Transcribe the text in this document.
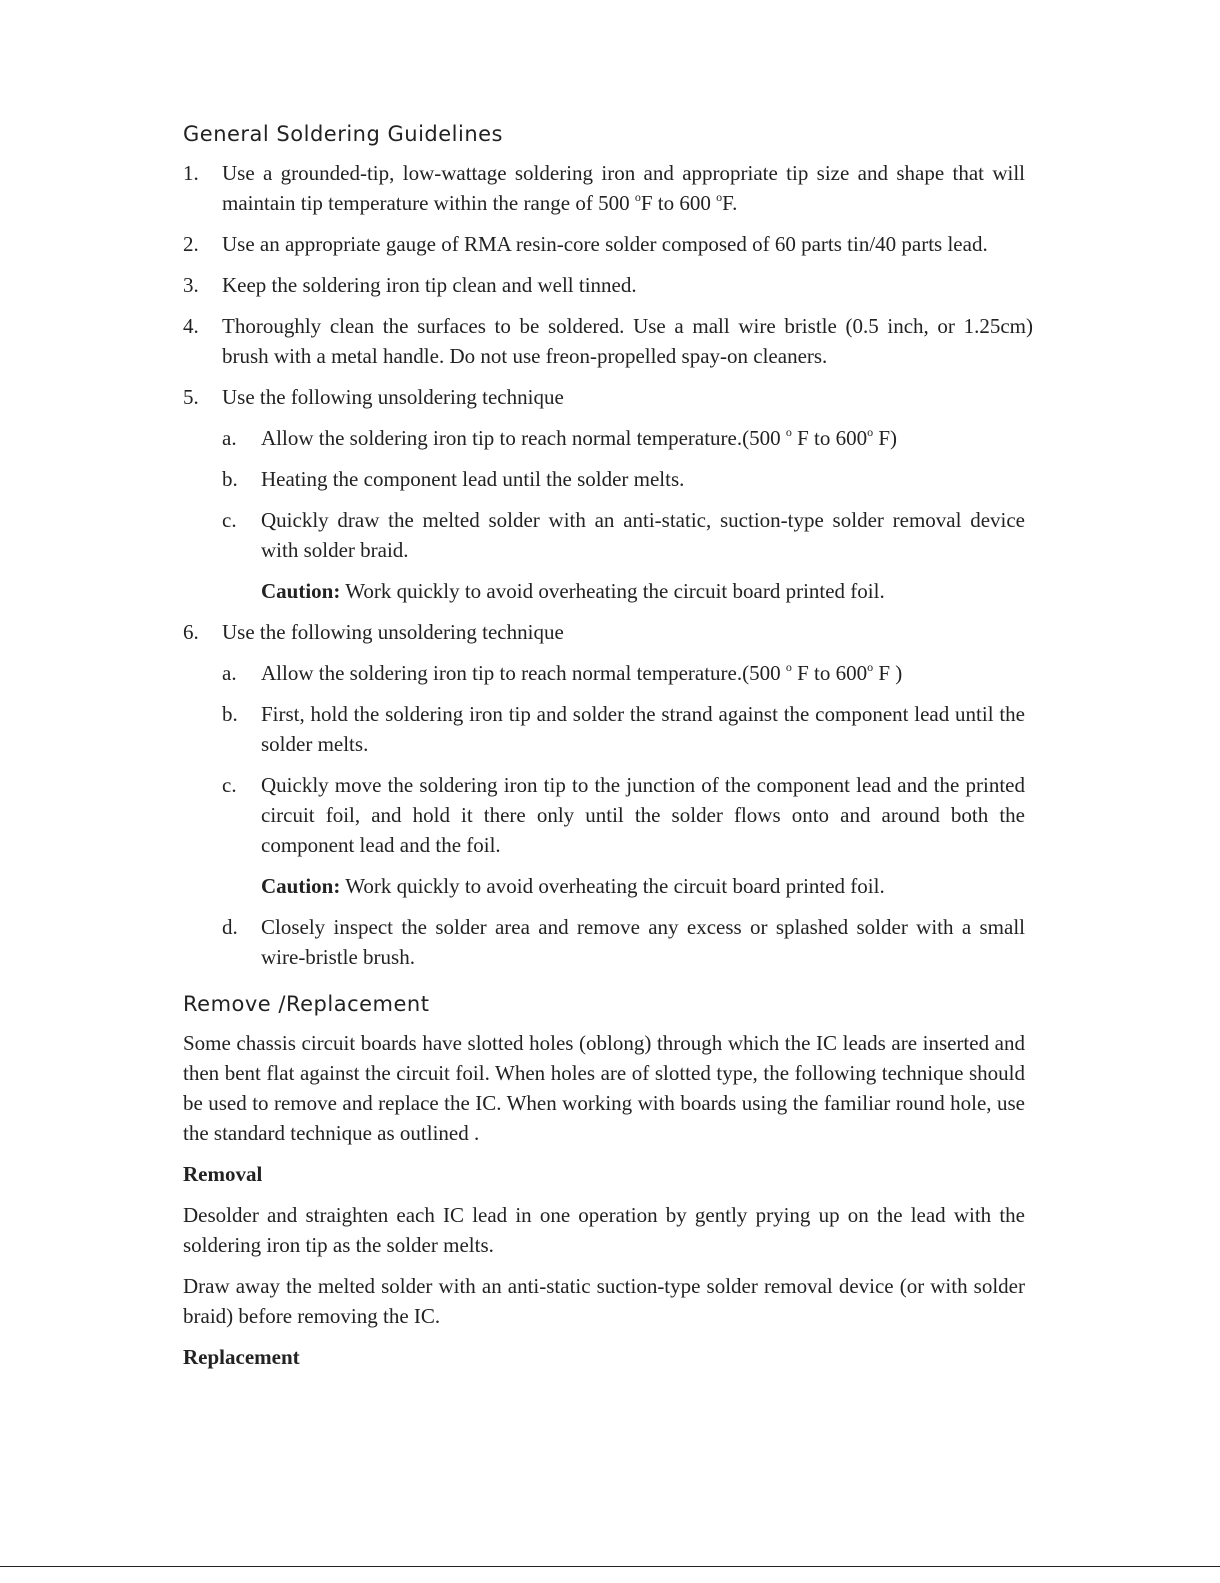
General Soldering Guidelines
1. Use a grounded-tip, low-wattage soldering iron and appropriate tip size and shape that will maintain tip temperature within the range of 500 $^o$F to 600 $^o$F.
2. Use an appropriate gauge of RMA resin-core solder composed of 60 parts tin/40 parts lead.
3. Keep the soldering iron tip clean and well tinned.
4. Thoroughly clean the surfaces to be soldered. Use a mall wire bristle (0.5 inch, or 1.25cm) brush with a metal handle. Do not use freon-propelled spay-on cleaners.
5. Use the following unsoldering technique
a. Allow the soldering iron tip to reach normal temperature.(500 $^o$ F to 600$^o$ F)
b. Heating the component lead until the solder melts.
c. Quickly draw the melted solder with an anti-static, suction-type solder removal device with solder braid.
Caution: Work quickly to avoid overheating the circuit board printed foil.
6. Use the following unsoldering technique
a. Allow the soldering iron tip to reach normal temperature.(500 $^o$ F to 600$^o$ F )
b. First, hold the soldering iron tip and solder the strand against the component lead until the solder melts.
c. Quickly move the soldering iron tip to the junction of the component lead and the printed circuit foil, and hold it there only until the solder flows onto and around both the component lead and the foil.
Caution: Work quickly to avoid overheating the circuit board printed foil.
d. Closely inspect the solder area and remove any excess or splashed solder with a small wire-bristle brush.
Remove /Replacement

Some chassis circuit boards have slotted holes (oblong) through which the IC leads are inserted and then bent flat against the circuit foil. When holes are of slotted type, the following technique should be used to remove and replace the IC. When working with boards using the familiar round hole, use the standard technique as outlined .

Removal

Desolder and straighten each IC lead in one operation by gently prying up on the lead with the soldering iron tip as the solder melts.

Draw away the melted solder with an anti-static suction-type solder removal device (or with solder braid) before removing the IC.

Replacement
